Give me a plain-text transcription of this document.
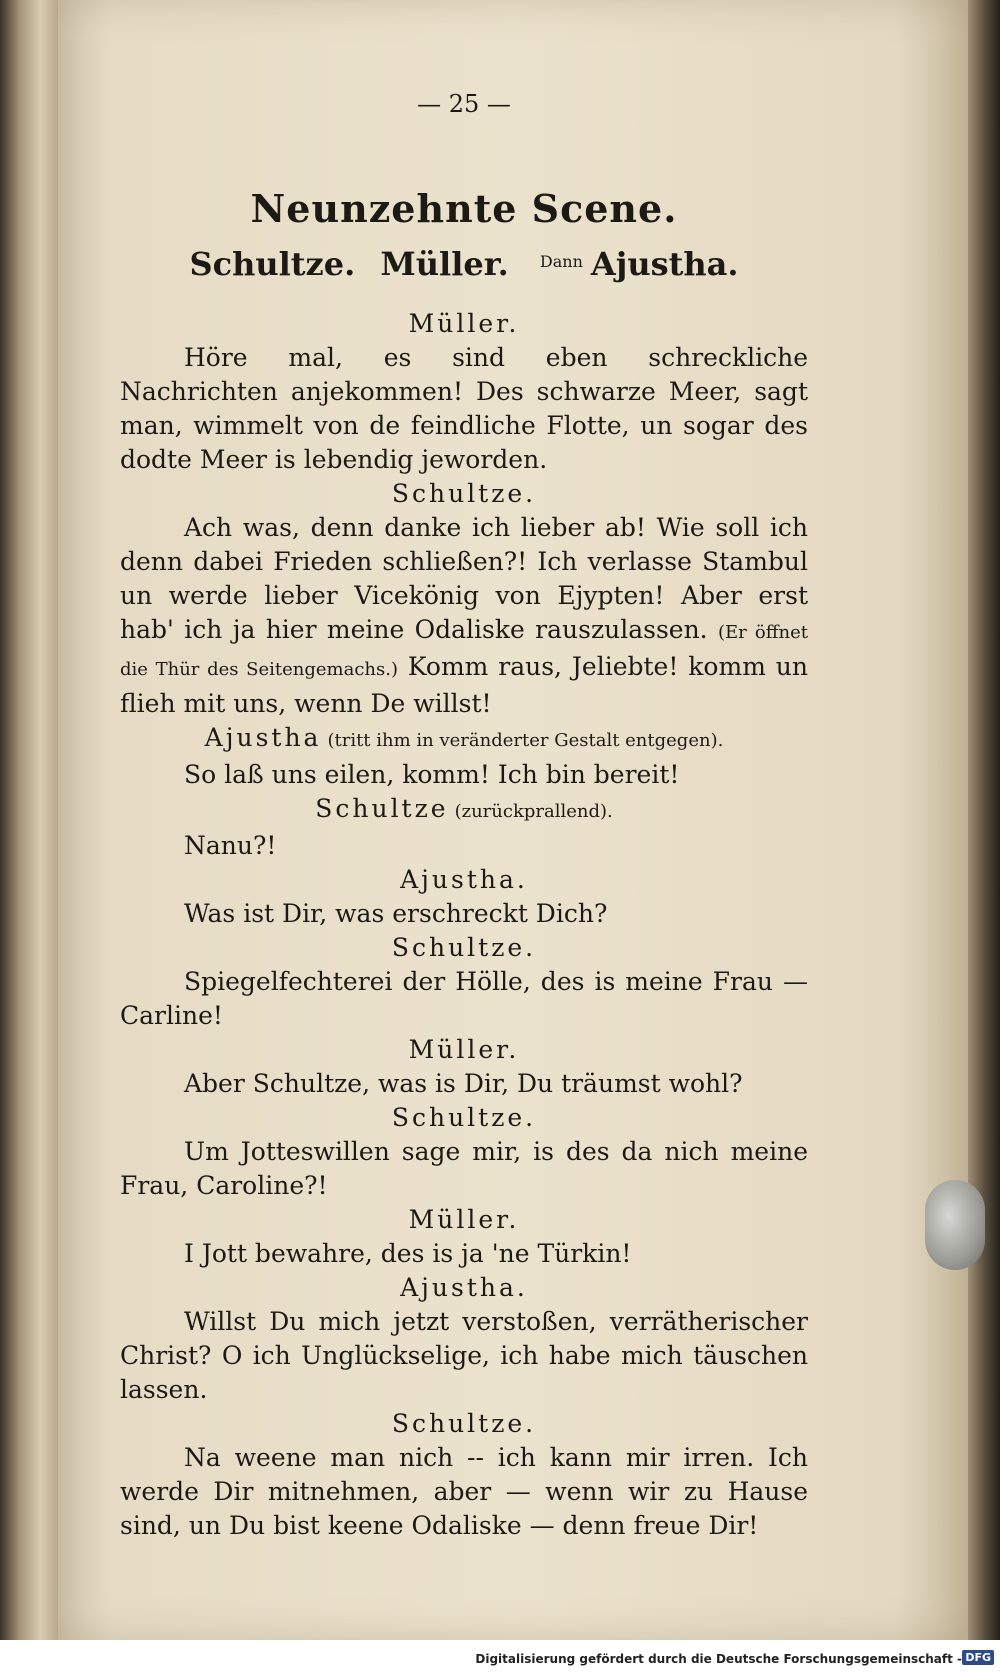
— 25 —
Neunzehnte Scene.
Schultze. Müller. $^{Dann}$ Ajustha.
Müller.
Höre mal, es sind eben schreckliche Nachrichten anjekommen! Des schwarze Meer, sagt man, wimmelt von de feindliche Flotte, un sogar des dodte Meer is lebendig jeworden.
Schultze.
Ach was, denn danke ich lieber ab! Wie soll ich denn dabei Frieden schließen?! Ich verlasse Stambul un werde lieber Vicekönig von Ejypten! Aber erst hab' ich ja hier meine Odaliske rauszulassen. (Er öffnet die Thür des Seitengemachs.) Komm raus, Jeliebte! komm un flieh mit uns, wenn De willst!
Ajustha (tritt ihm in veränderter Gestalt entgegen).
So laß uns eilen, komm! Ich bin bereit!
Schultze (zurückprallend).
Nanu?!
Ajustha.
Was ist Dir, was erschreckt Dich?
Schultze.
Spiegelfechterei der Hölle, des is meine Frau — Carline!
Müller.
Aber Schultze, was is Dir, Du träumst wohl?
Schultze.
Um Jotteswillen sage mir, is des da nich meine Frau, Caroline?!
Müller.
I Jott bewahre, des is ja 'ne Türkin!
Ajustha.
Willst Du mich jetzt verstoßen, verrätherischer Christ? O ich Unglückselige, ich habe mich täuschen lassen.
Schultze.
Na weene man nich -- ich kann mir irren. Ich werde Dir mitnehmen, aber — wenn wir zu Hause sind, un Du bist keene Odaliske — denn freue Dir!
Digitalisierung gefördert durch die Deutsche Forschungsgemeinschaft - DFG
